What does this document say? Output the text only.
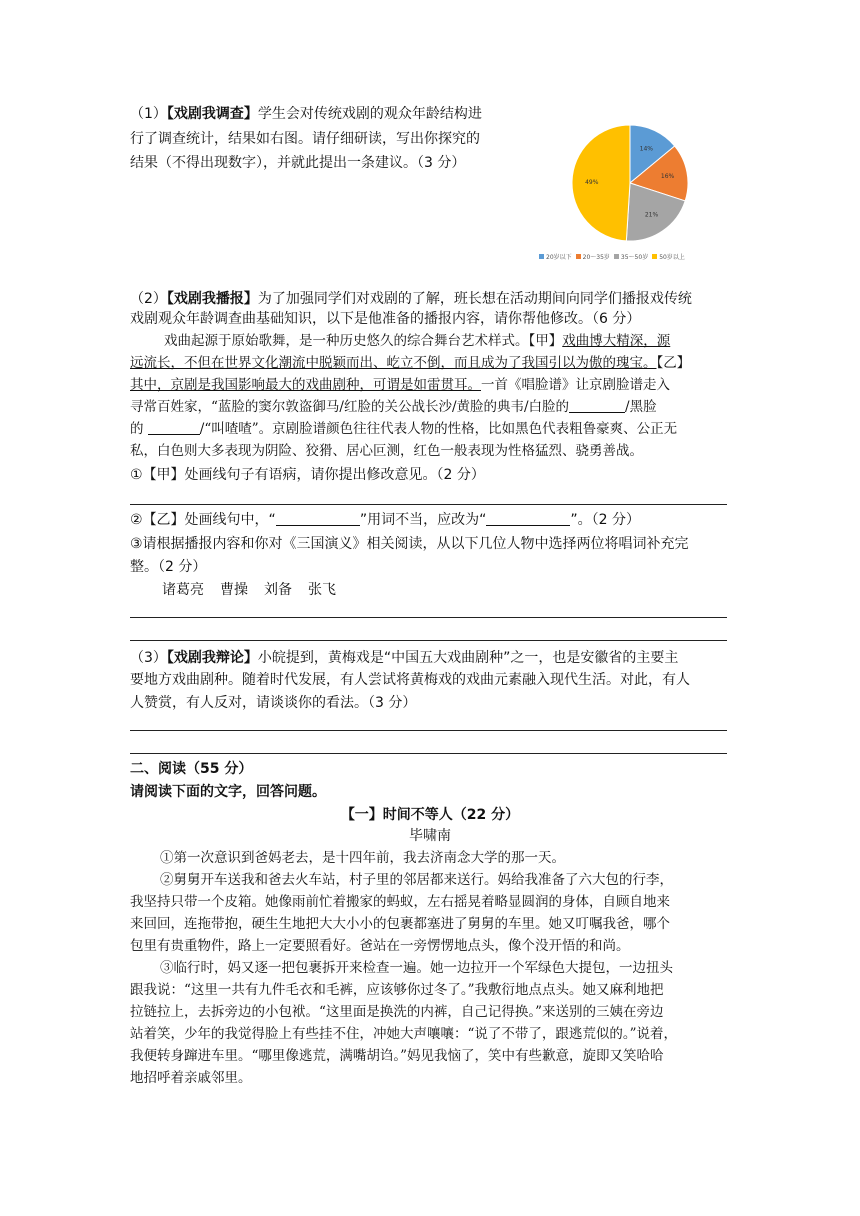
（1）【戏剧我调查】学生会对传统戏剧的观众年龄结构进
行了调查统计，结果如右图。请仔细研读，写出你探究的
结果（不得出现数字），并就此提出一条建议。（3 分）
14%
16%
21%
49%
20岁以下 20～35岁 35～50岁 50岁以上
（2）【戏剧我播报】为了加强同学们对戏剧的了解，班长想在活动期间向同学们播报戏传统
戏剧观众年龄调查曲基础知识，以下是他准备的播报内容，请你帮他修改。（6 分）
戏曲起源于原始歌舞，是一种历史悠久的综合舞台艺术样式。【甲】戏曲博大精深，源
远流长，不但在世界文化潮流中脱颖而出、屹立不倒，而且成为了我国引以为傲的瑰宝。【乙】
其中，京剧是我国影响最大的戏曲剧种，可谓是如雷贯耳。一首《唱脸谱》让京剧脸谱走入
寻常百姓家，“蓝脸的窦尔敦盗御马/红脸的关公战长沙/黄脸的典韦/白脸的	/黑脸
的	/“叫喳喳”。京剧脸谱颜色往往代表人物的性格，比如黑色代表粗鲁豪爽、公正无
私，白色则大多表现为阴险、狡猾、居心叵测，红色一般表现为性格猛烈、骁勇善战。
①【甲】处画线句子有语病，请你提出修改意见。（2 分）
②【乙】处画线句中，“	”用词不当，应改为“	”。（2 分）
③请根据播报内容和你对《三国演义》相关阅读，从以下几位人物中选择两位将唱词补充完
整。（2 分）
诸葛亮 曹操 刘备 张飞
（3）【戏剧我辩论】小皖提到，黄梅戏是“中国五大戏曲剧种”之一，也是安徽省的主要主
要地方戏曲剧种。随着时代发展，有人尝试将黄梅戏的戏曲元素融入现代生活。对此，有人
人赞赏，有人反对，请谈谈你的看法。（3 分）
二、阅读（55 分）
请阅读下面的文字，回答问题。
【一】时间不等人（22 分）
毕啸南
①第一次意识到爸妈老去，是十四年前，我去济南念大学的那一天。
②舅舅开车送我和爸去火车站，村子里的邻居都来送行。妈给我准备了六大包的行李，
我坚持只带一个皮箱。她像雨前忙着搬家的蚂蚁，左右摇晃着略显圆润的身体，自顾自地来
来回回，连拖带抱，硬生生地把大大小小的包裹都塞进了舅舅的车里。她又叮嘱我爸，哪个
包里有贵重物件，路上一定要照看好。爸站在一旁愣愣地点头，像个没开悟的和尚。
③临行时，妈又逐一把包裹拆开来检查一遍。她一边拉开一个军绿色大提包，一边扭头
跟我说：“这里一共有九件毛衣和毛裤，应该够你过冬了。”我敷衍地点点头。她又麻利地把
拉链拉上，去拆旁边的小包袱。“这里面是换洗的内裤，自己记得换。”来送别的三姨在旁边
站着笑，少年的我觉得脸上有些挂不住，冲她大声嚷嚷：“说了不带了，跟逃荒似的。”说着，
我便转身蹿进车里。“哪里像逃荒，满嘴胡诌。”妈见我恼了，笑中有些歉意，旋即又笑哈哈
地招呼着亲戚邻里。
